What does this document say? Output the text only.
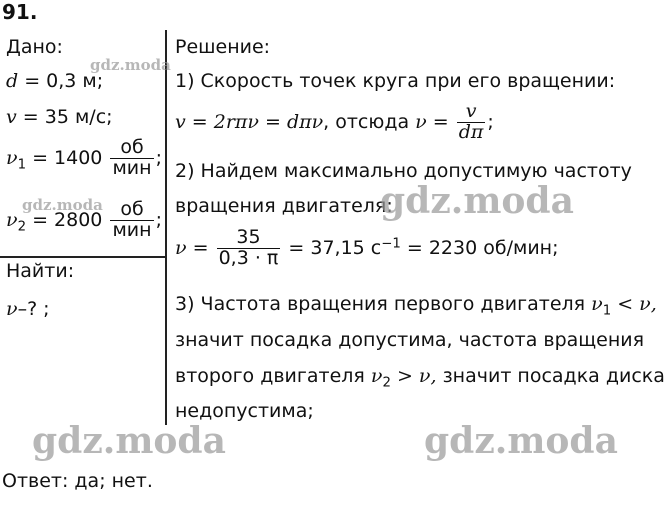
91.
Дано:
d = 0,3 м;
v = 35 м/с;
$\nu_1 = 1400 \frac{об}{\text{мин}}$ ;
$\nu_2 = 2800 \frac{об}{\text{мин}}$ ;
Найти:
ν–? ;
Решение:
1) Скорость точек круга при его вращении:
v = 2rπν = dπν, отсюда $\nu = \frac{v}{d\pi}$ ;
2) Найдем максимально допустимую частоту
вращения двигателя:
$\nu = \frac{35}{0,3 \cdot \pi} = 37,15$ $с^{-1} = 2230$ об/мин;
3) Частота вращения первого двигателя $\nu_1 < \nu$,
значит посадка допустима, частота вращения
второго двигателя $\nu_2 > \nu$, значит посадка диска
недопустима;
Ответ: да; нет.
gdz.moda
gdz.moda	gdz.moda
gdz.moda	gdz.moda
